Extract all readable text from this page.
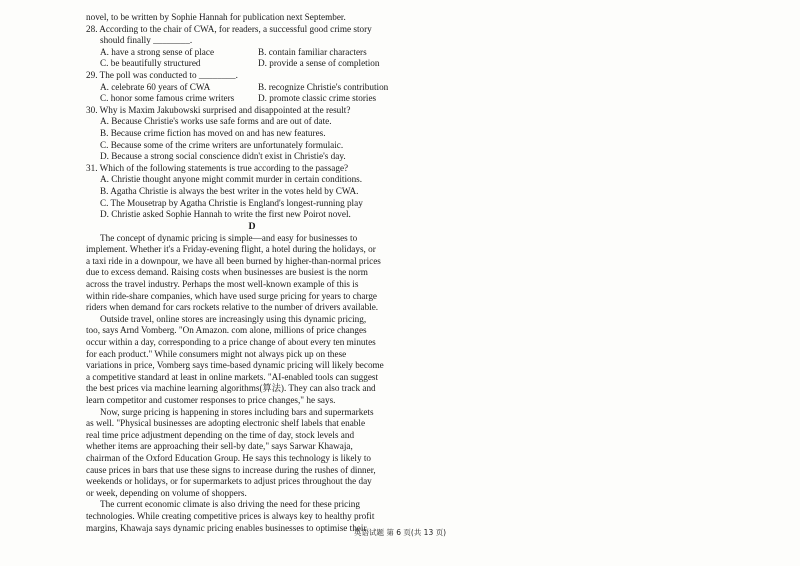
novel, to be written by Sophie Hannah for publication next September.
28. According to the chair of CWA, for readers, a successful good crime story
should finally ________.
A. have a strong sense of place	B. contain familiar characters
C. be beautifully structured	D. provide a sense of completion
29. The poll was conducted to ________.
A. celebrate 60 years of CWA	B. recognize Christie's contribution
C. honor some famous crime writers	D. promote classic crime stories
30. Why is Maxim Jakubowski surprised and disappointed at the result?
A. Because Christie's works use safe forms and are out of date.
B. Because crime fiction has moved on and has new features.
C. Because some of the crime writers are unfortunately formulaic.
D. Because a strong social conscience didn't exist in Christie's day.
31. Which of the following statements is true according to the passage?
A. Christie thought anyone might commit murder in certain conditions.
B. Agatha Christie is always the best writer in the votes held by CWA.
C. The Mousetrap by Agatha Christie is England's longest-running play
D. Christie asked Sophie Hannah to write the first new Poirot novel.
D
The concept of dynamic pricing is simple—and easy for businesses to
implement. Whether it's a Friday-evening flight, a hotel during the holidays, or
a taxi ride in a downpour, we have all been burned by higher-than-normal prices
due to excess demand. Raising costs when businesses are busiest is the norm
across the travel industry. Perhaps the most well-known example of this is
within ride-share companies, which have used surge pricing for years to charge
riders when demand for cars rockets relative to the number of drivers available.
Outside travel, online stores are increasingly using this dynamic pricing,
too, says Arnd Vomberg. "On Amazon. com alone, millions of price changes
occur within a day, corresponding to a price change of about every ten minutes
for each product." While consumers might not always pick up on these
variations in price, Vomberg says time-based dynamic pricing will likely become
a competitive standard at least in online markets. "AI-enabled tools can suggest
the best prices via machine learning algorithms(算法). They can also track and
learn competitor and customer responses to price changes," he says.
Now, surge pricing is happening in stores including bars and supermarkets
as well. "Physical businesses are adopting electronic shelf labels that enable
real time price adjustment depending on the time of day, stock levels and
whether items are approaching their sell-by date," says Sarwar Khawaja,
chairman of the Oxford Education Group. He says this technology is likely to
cause prices in bars that use these signs to increase during the rushes of dinner,
weekends or holidays, or for supermarkets to adjust prices throughout the day
or week, depending on volume of shoppers.
The current economic climate is also driving the need for these pricing
technologies. While creating competitive prices is always key to healthy profit
margins, Khawaja says dynamic pricing enables businesses to optimise their
英语试题 第 6 页(共 13 页)
